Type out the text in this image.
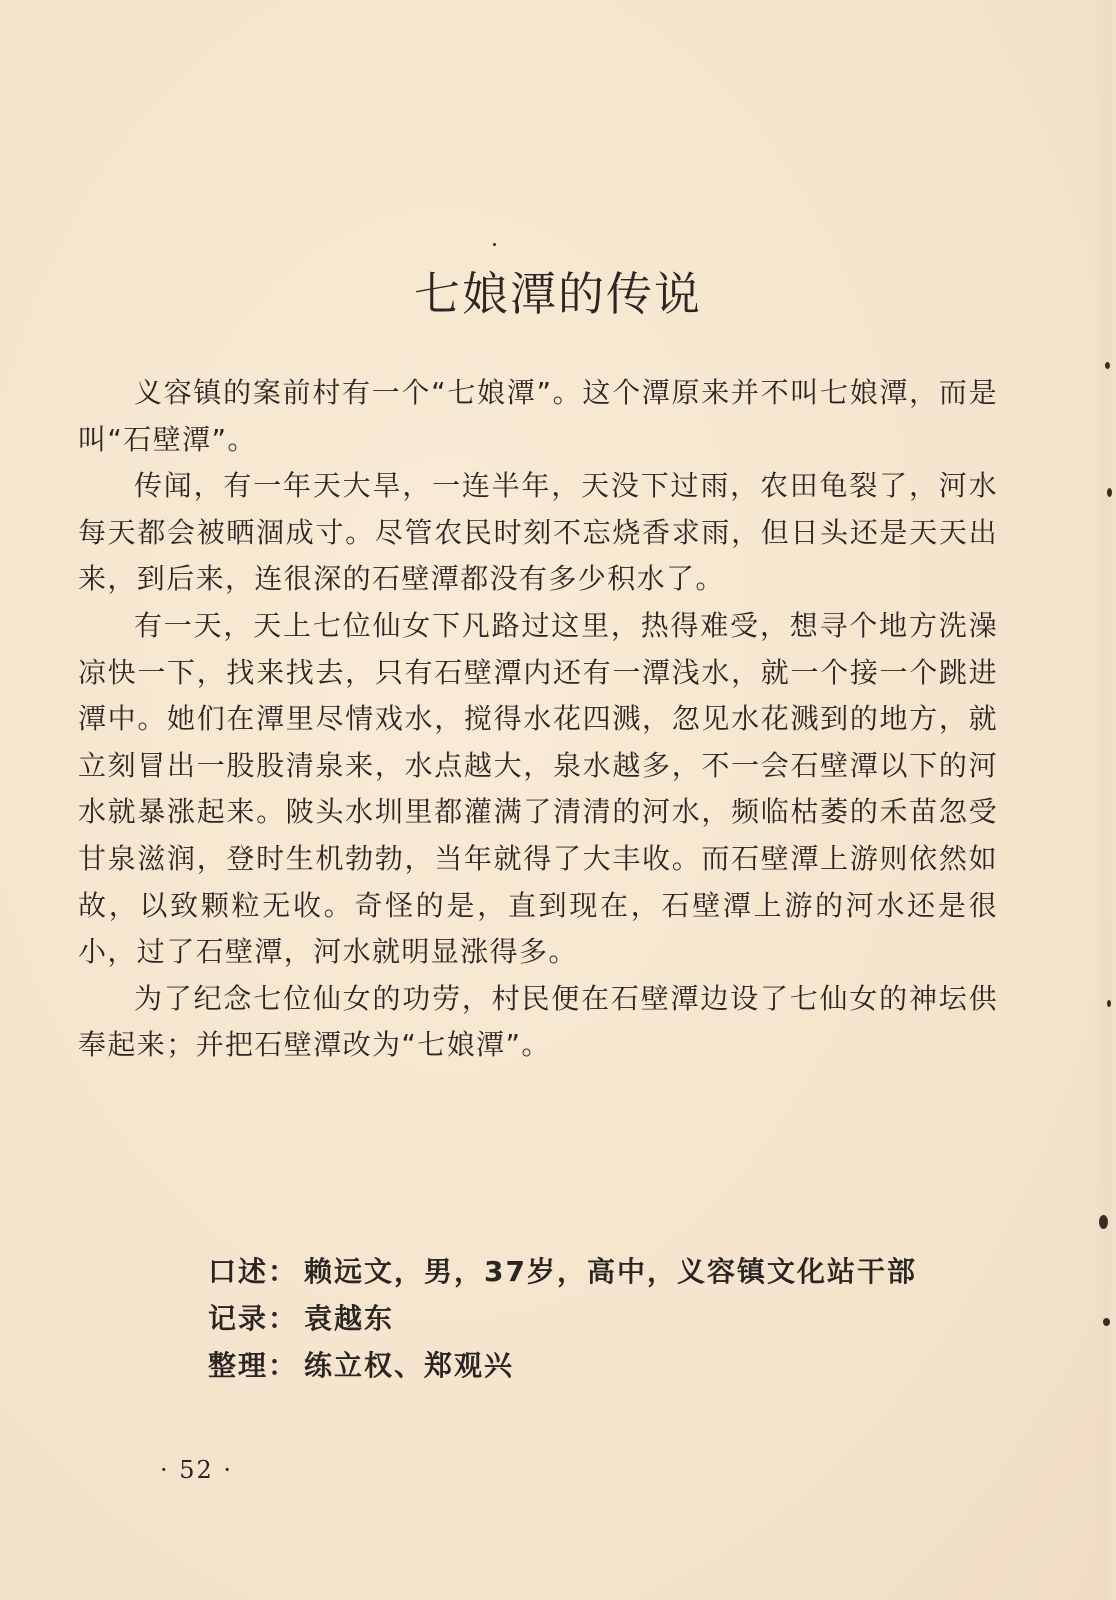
七娘潭的传说

义容镇的案前村有一个“七娘潭”。这个潭原来并不叫七娘潭，而是叫“石壁潭”。

传闻，有一年天大旱，一连半年，天没下过雨，农田龟裂了，河水每天都会被晒涸成寸。尽管农民时刻不忘烧香求雨，但日头还是天天出来，到后来，连很深的石壁潭都没有多少积水了。

有一天，天上七位仙女下凡路过这里，热得难受，想寻个地方洗澡凉快一下，找来找去，只有石壁潭内还有一潭浅水，就一个接一个跳进潭中。她们在潭里尽情戏水，搅得水花四溅，忽见水花溅到的地方，就立刻冒出一股股清泉来，水点越大，泉水越多，不一会石壁潭以下的河水就暴涨起来。陂头水圳里都灌满了清清的河水，频临枯萎的禾苗忽受甘泉滋润，登时生机勃勃，当年就得了大丰收。而石壁潭上游则依然如故，以致颗粒无收。奇怪的是，直到现在，石壁潭上游的河水还是很小，过了石壁潭，河水就明显涨得多。

为了纪念七位仙女的功劳，村民便在石壁潭边设了七仙女的神坛供奉起来；并把石壁潭改为“七娘潭”。

口述： 赖远文，男，37岁，高中，义容镇文化站干部
记录： 袁越东
整理： 练立权、郑观兴
· 52 ·
